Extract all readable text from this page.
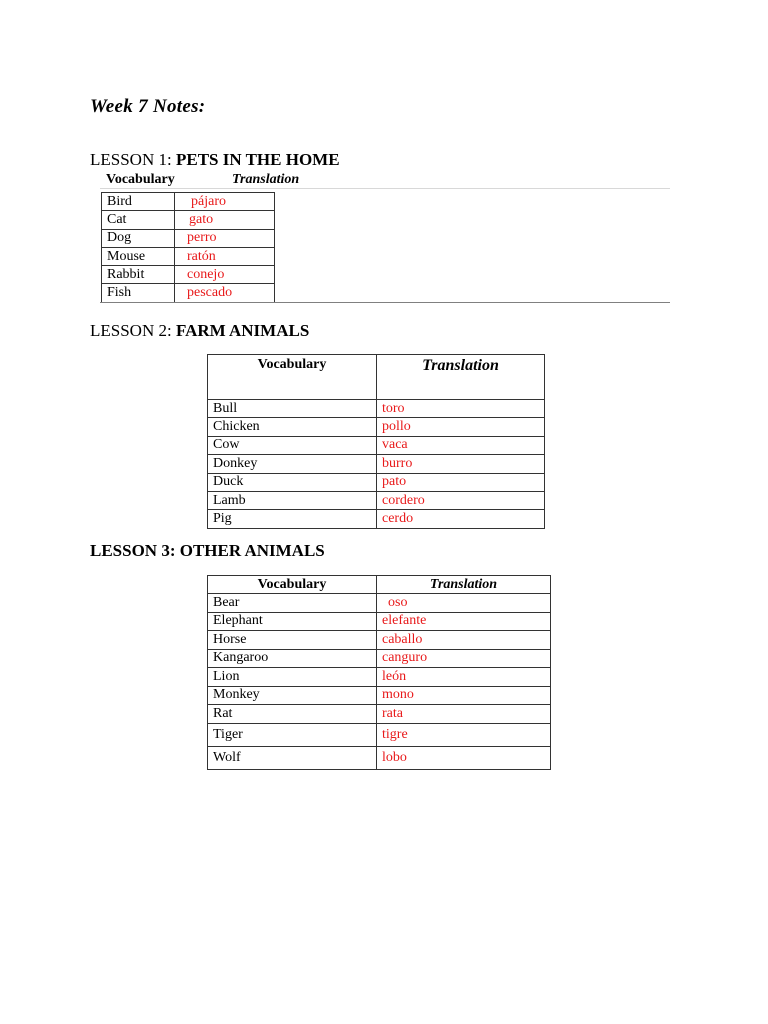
Week 7 Notes:
LESSON 1: PETS IN THE HOME
Vocabulary	Translation
Bird	pájaro
Cat	gato
Dog	perro
Mouse	ratón
Rabbit	conejo
Fish	pescado
LESSON 2: FARM ANIMALS
Vocabulary	Translation
Bull	toro
Chicken	pollo
Cow	vaca
Donkey	burro
Duck	pato
Lamb	cordero
Pig	cerdo
LESSON 3: OTHER ANIMALS
Vocabulary	Translation
Bear	oso
Elephant	elefante
Horse	caballo
Kangaroo	canguro
Lion	león
Monkey	mono
Rat	rata
Tiger	tigre
Wolf	lobo
